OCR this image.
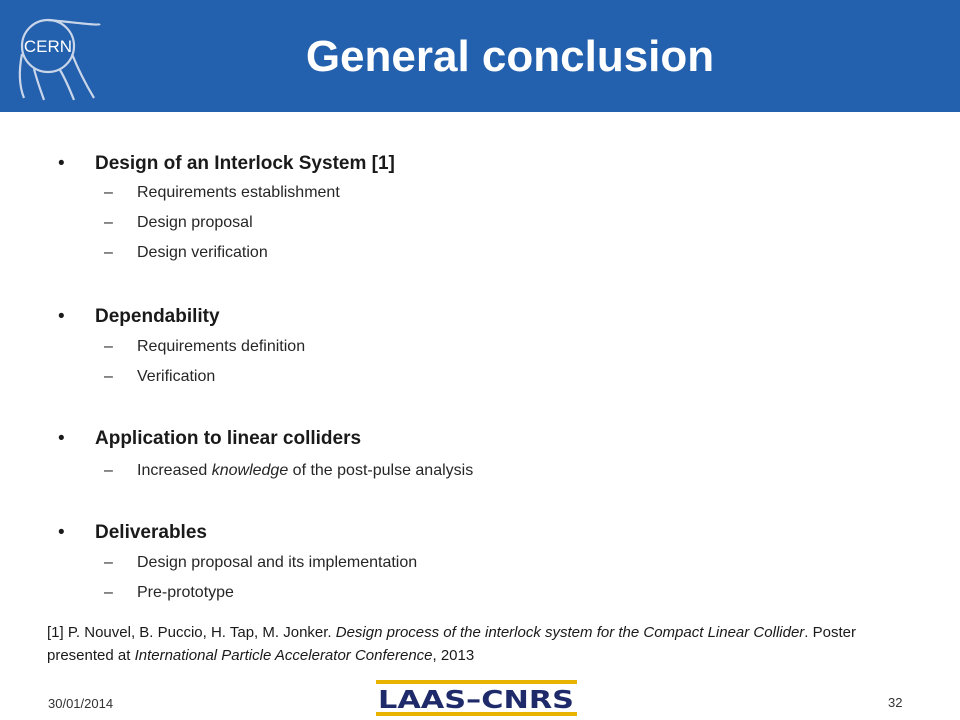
CERN	General conclusion
• Design of an Interlock System [1]
– Requirements establishment
– Design proposal
– Design verification
• Dependability
– Requirements definition
– Verification
• Application to linear colliders
– Increased knowledge of the post-pulse analysis
• Deliverables
– Design proposal and its implementation
– Pre-prototype
[1] P. Nouvel, B. Puccio, H. Tap, M. Jonker. Design process of the interlock system for the Compact Linear Collider. Poster presented at International Particle Accelerator Conference, 2013
30/01/2014	LAAS–CNRS	32
